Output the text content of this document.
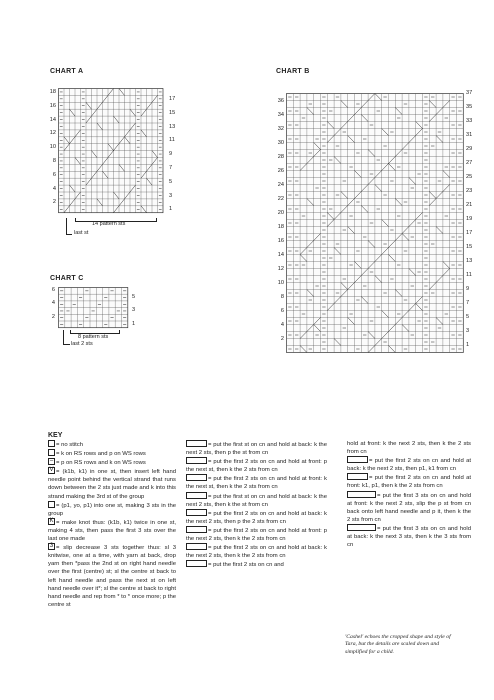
CHART A
18
16
14
12
10
8
6
4
2
17
15
13
11
9
7
5
3
1
14 pattern sts
last st
CHART B
36
34
32
30
28
26
24
22
20
18
16
14
12
10
8
6
4
2
37
35
33
31
29
27
25
23
21
19
17
15
13
11
9
7
5
3
1
CHART C
6
4
2
5
3
1
8 pattern sts
last 2 sts
KEY

= no stitch

= k on RS rows and p on WS rows

– = p on RS rows and k on WS rows

V = (k1b, k1) in one st, then insert left hand needle point behind the vertical strand that runs down between the 2 sts just made and k into this strand making the 3rd st of the group

= (p1, yo, p1) into one st, making 3 sts in the group

K = make knot thus: (k1b, k1) twice in one st, making 4 sts, then pass the first 3 sts over the last one made

3 = slip decrease 3 sts together thus: sl 3 knitwise, one at a time, with yarn at back, drop yarn then *pass the 2nd st on right hand needle over the first (centre) st; sl the centre st back to left hand needle and pass the next st on left hand needle over it*; sl the centre st back to right hand needle and rep from * to * once more; p the centre st

= put the first st on cn and hold at back: k the next 2 sts, then p the st from cn

= put the first 2 sts on cn and hold at front: p the next st, then k the 2 sts from cn

= put the first 2 sts on cn and hold at front: k the next st, then k the 2 sts from cn

= put the first st on cn and hold at back: k the next 2 sts, then k the st from cn

= put the first 2 sts on cn and hold at back: k the next 2 sts, then p the 2 sts from cn

= put the first 2 sts on cn and hold at front: p the next 2 sts, then k the 2 sts from cn

= put the first 2 sts on cn and hold at back: k the next 2 sts, then k the 2 sts from cn

= put the first 2 sts on cn and

hold at front: k the next 2 sts, then k the 2 sts from cn

= put the first 2 sts on cn and hold at back: k the next 2 sts, then p1, k1 from cn

= put the first 2 sts on cn and hold at front: k1, p1, then k the 2 sts from cn

= put the first 3 sts on cn and hold at front: k the next 2 sts, slip the p st from cn back onto left hand needle and p it, then k the 2 sts from cn

= put the first 3 sts on cn and hold at back: k the next 3 sts, then k the 3 sts from cn

'Cashel' echoes the cropped shape and style of Tara, but the details are scaled down and simplified for a child.
